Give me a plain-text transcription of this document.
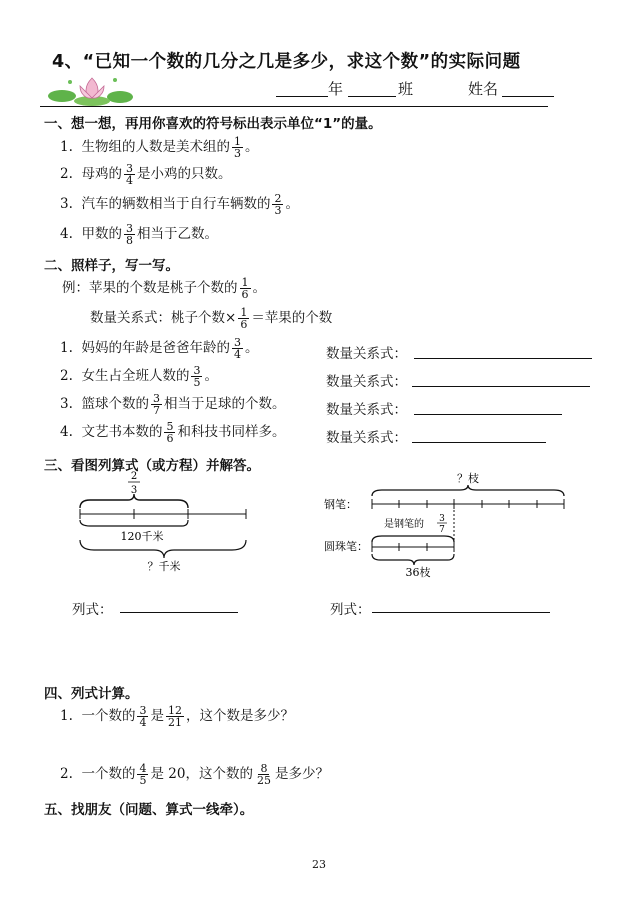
4、“已知一个数的几分之几是多少，求这个数”的实际问题
年	班	姓名
一、想一想，再用你喜欢的符号标出表示单位“1”的量。
1. 生物组的人数是美术组的 $\frac{1}{3}$ 。
2. 母鸡的 $\frac{3}{4}$ 是小鸡的只数。
3. 汽车的辆数相当于自行车辆数的 $\frac{2}{3}$ 。
4. 甲数的 $\frac{3}{8}$ 相当于乙数。
二、照样子，写一写。
例：苹果的个数是桃子个数的 $\frac{1}{6}$ 。
数量关系式：桃子个数× $\frac{1}{6}$ ＝苹果的个数
1. 妈妈的年龄是爸爸年龄的 $\frac{3}{4}$ 。
2. 女生占全班人数的 $\frac{3}{5}$ 。
3. 篮球个数的 $\frac{3}{7}$ 相当于足球的个数。
4. 文艺书本数的 $\frac{5}{6}$ 和科技书同样多。
数量关系式：
数量关系式：
数量关系式：
数量关系式：
三、看图列算式（或方程）并解答。
2
3
120千米
？千米
？枝
钢笔：
是钢笔的 3
7
圆珠笔：
36枝
列式：	列式：
四、列式计算。
1. 一个数的 $\frac{3}{4}$ 是 $\frac{12}{21}$ ，这个数是多少？
2. 一个数的 $\frac{4}{5}$ 是 20，这个数的 $\frac{8}{25}$ 是多少？
五、找朋友（问题、算式一线牵）。
23
